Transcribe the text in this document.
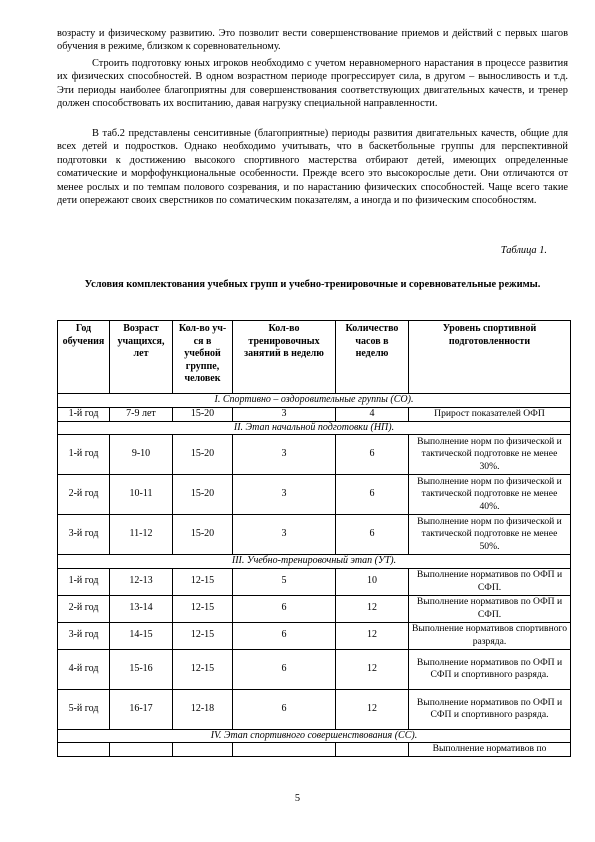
возрасту и физическому развитию. Это позволит вести совершенствование приемов и действий с первых шагов обучения в режиме, близком к соревновательному.

Строить подготовку юных игроков необходимо с учетом неравномерного нарастания в процессе развития их физических способностей. В одном возрастном периоде прогрессирует сила, в другом – выносливость и т.д. Эти периоды наиболее благоприятны для совершенствования соответствующих двигательных качеств, и тренер должен способствовать их воспитанию, давая нагрузку специальной направленности.

В таб.2 представлены сенситивные (благоприятные) периоды развития двигательных качеств, общие для всех детей и подростков. Однако необходимо учитывать, что в баскетбольные группы для перспективной подготовки к достижению высокого спортивного мастерства отбирают детей, имеющих определенные соматические и морфофункциональные особенности. Прежде всего это высокорослые дети. Они отличаются от менее рослых и по темпам полового созревания, и по нарастанию физических способностей. Чаще всего такие дети опережают своих сверстников по соматическим показателям, а иногда и по физическим способностям.

Таблица 1.

Условия комплектования учебных групп и учебно-тренировочные и соревновательные режимы.

Год обучения	Возраст учащихся, лет	Кол-во уч-ся в учебной группе, человек	Кол-во тренировочных занятий в неделю	Количество часов в неделю	Уровень спортивной подготовленности
I. Спортивно – оздоровительные группы (СО).					
1-й год	7-9 лет	15-20	3	4	Прирост показателей ОФП
II. Этап начальной подготовки (НП).					
1-й год	9-10	15-20	3	6	Выполнение норм по физической и тактической подготовке не менее 30%.
2-й год	10-11	15-20	3	6	Выполнение норм по физической и тактической подготовке не менее 40%.
3-й год	11-12	15-20	3	6	Выполнение норм по физической и тактической подготовке не менее 50%.
III. Учебно-тренировочный этап (УТ).					
1-й год	12-13	12-15	5	10	Выполнение нормативов по ОФП и СФП.
2-й год	13-14	12-15	6	12	Выполнение нормативов по ОФП и СФП.
3-й год	14-15	12-15	6	12	Выполнение нормативов спортивного разряда.
4-й год	15-16	12-15	6	12	Выполнение нормативов по ОФП и СФП и спортивного разряда.
5-й год	16-17	12-18	6	12	Выполнение нормативов по ОФП и СФП и спортивного разряда.
IV. Этап спортивного совершенствования (СС).					
					Выполнение нормативов по

5
